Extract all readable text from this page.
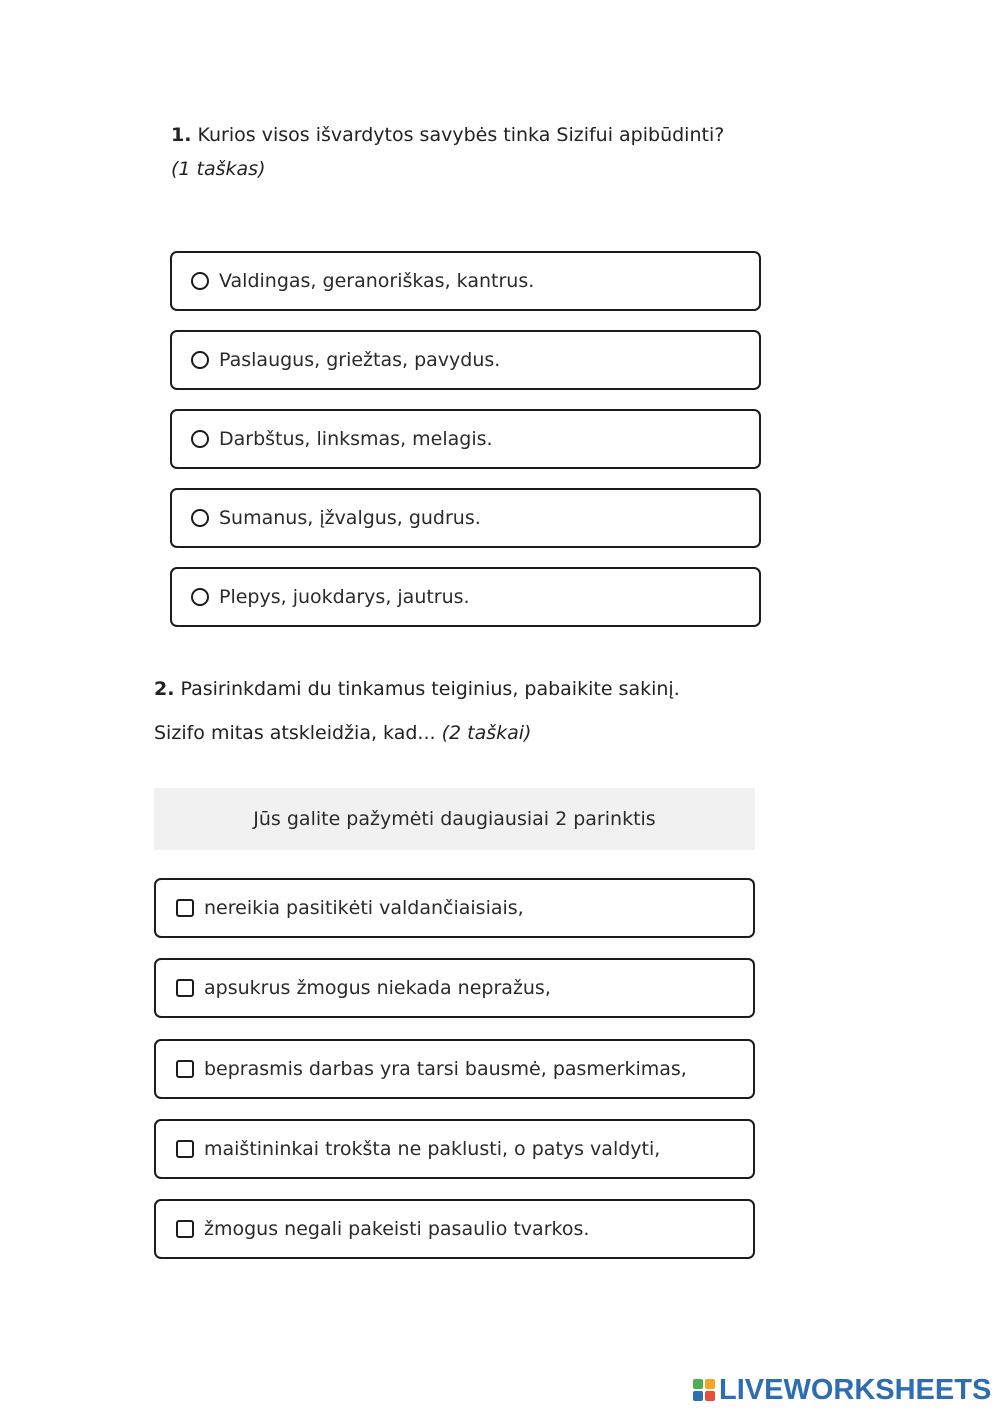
1. Kurios visos išvardytos savybės tinka Sizifui apibūdinti?
(1 taškas)

Valdingas, geranoriškas, kantrus.
Paslaugus, griežtas, pavydus.
Darbštus, linksmas, melagis.
Sumanus, įžvalgus, gudrus.
Plepys, juokdarys, jautrus.

2. Pasirinkdami du tinkamus teiginius, pabaikite sakinį.

Sizifo mitas atskleidžia, kad... (2 taškai)

Jūs galite pažymėti daugiausiai 2 parinktis
nereikia pasitikėti valdančiaisiais,
apsukrus žmogus niekada nepražus,
beprasmis darbas yra tarsi bausmė, pasmerkimas,
maištininkai trokšta ne paklusti, o patys valdyti,
žmogus negali pakeisti pasaulio tvarkos.
LIVEWORKSHEETS
